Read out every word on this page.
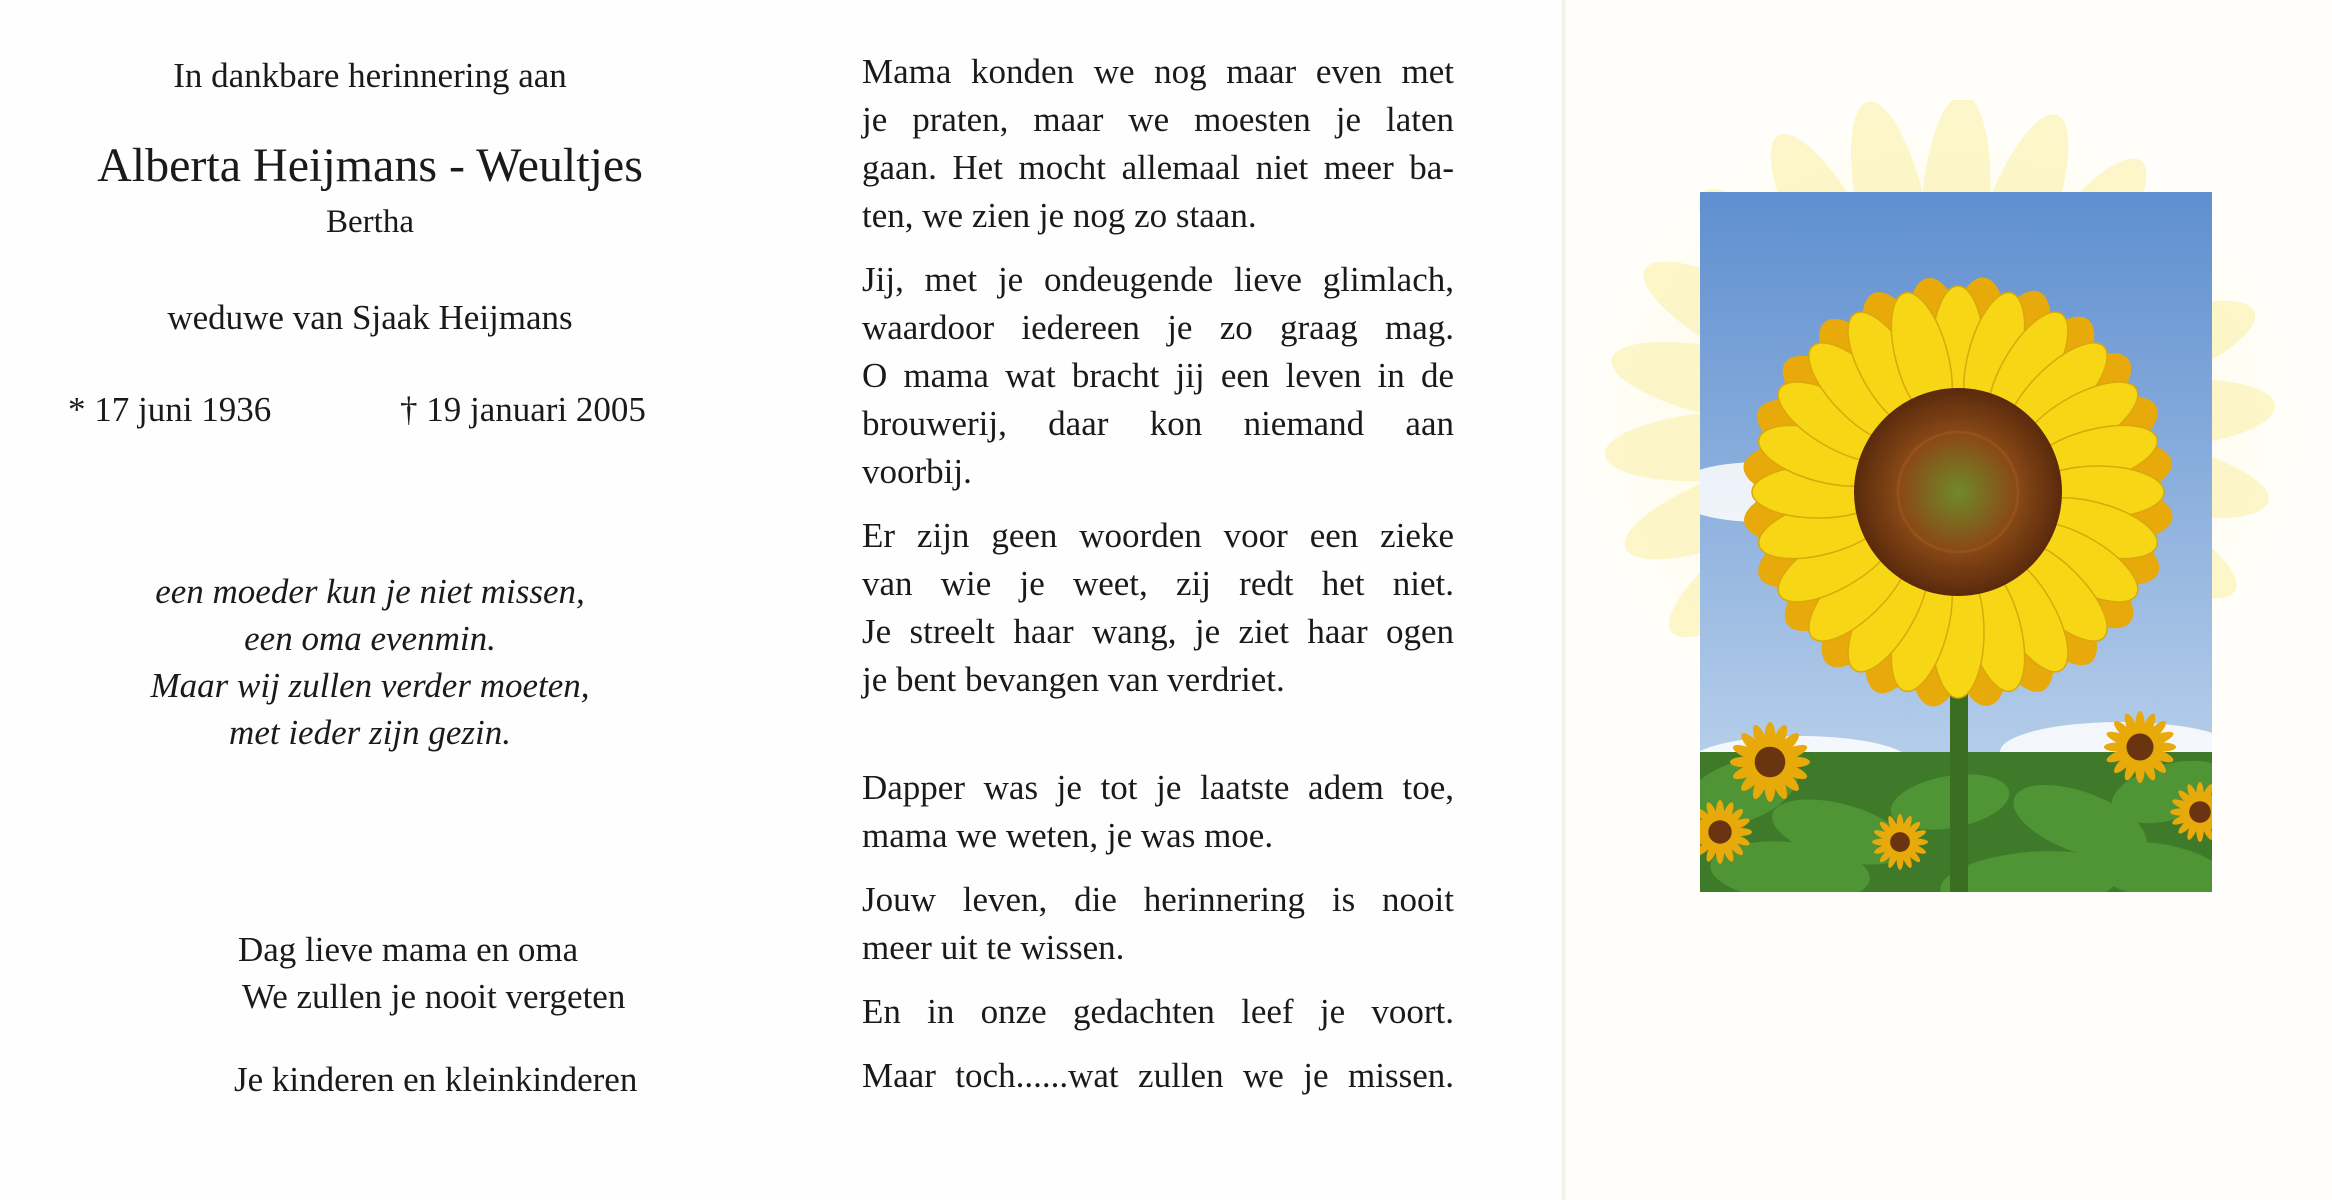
In dankbare herinnering aan
Alberta Heijmans - Weultjes
Bertha
weduwe van Sjaak Heijmans
* 17 juni 1936	† 19 januari 2005
een moeder kun je niet missen,
een oma evenmin.
Maar wij zullen verder moeten,
met ieder zijn gezin.
Dag lieve mama en oma
We zullen je nooit vergeten
Je kinderen en kleinkinderen
Mama konden we nog maar even met
je praten, maar we moesten je laten
gaan. Het mocht allemaal niet meer ba-
ten, we zien je nog zo staan.
Jij, met je ondeugende lieve glimlach,
waardoor iedereen je zo graag mag.
O mama wat bracht jij een leven in de
brouwerij, daar kon niemand aan
voorbij.
Er zijn geen woorden voor een zieke
van wie je weet, zij redt het niet.
Je streelt haar wang, je ziet haar ogen
je bent bevangen van verdriet.
Dapper was je tot je laatste adem toe,
mama we weten, je was moe.
Jouw leven, die herinnering is nooit
meer uit te wissen.
En in onze gedachten leef je voort.
Maar toch......wat zullen we je missen.
